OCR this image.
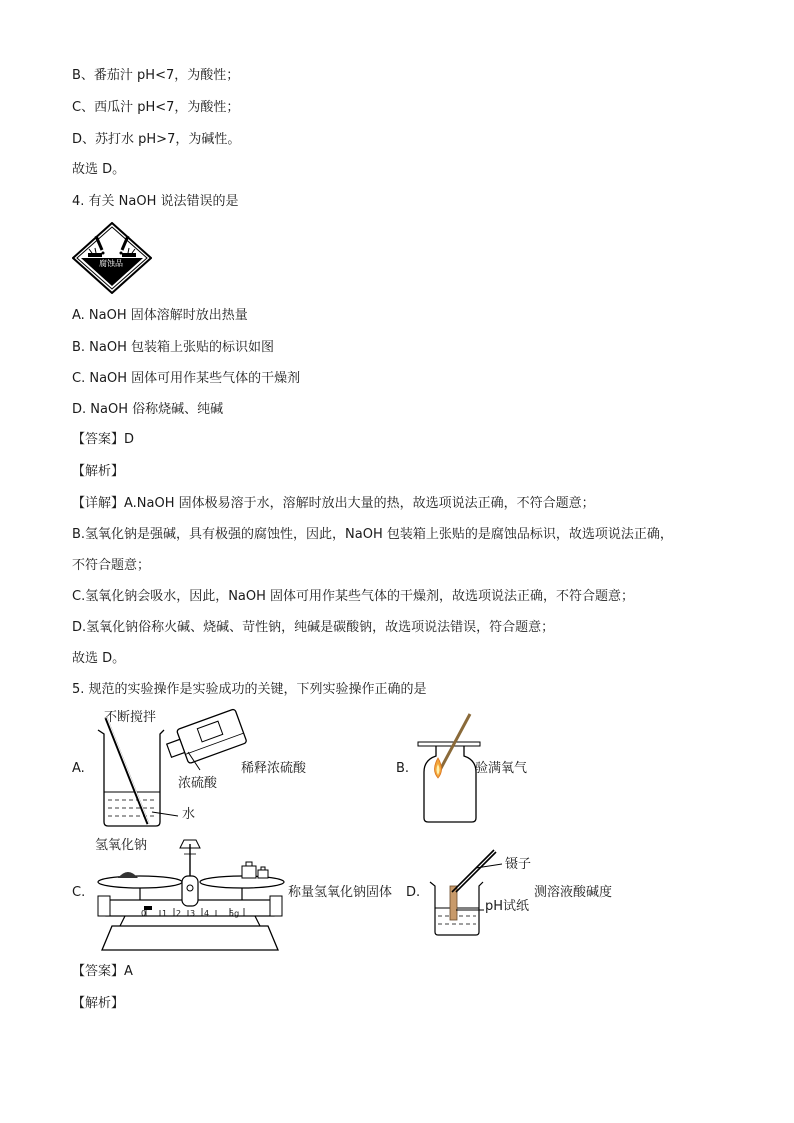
B、番茄汁 pH<7，为酸性；
C、西瓜汁 pH<7，为酸性；
D、苏打水 pH>7，为碱性。
故选 D。
4. 有关 NaOH 说法错误的是
腐蚀品
A. NaOH 固体溶解时放出热量
B. NaOH 包装箱上张贴的标识如图
C. NaOH 固体可用作某些气体的干燥剂
D. NaOH 俗称烧碱、纯碱
【答案】D
【解析】
【详解】A.NaOH 固体极易溶于水，溶解时放出大量的热，故选项说法正确，不符合题意；
B.氢氧化钠是强碱，具有极强的腐蚀性，因此，NaOH 包装箱上张贴的是腐蚀品标识，故选项说法正确，
不符合题意；
C.氢氧化钠会吸水，因此，NaOH 固体可用作某些气体的干燥剂，故选项说法正确，不符合题意；
D.氢氧化钠俗称火碱、烧碱、苛性钠，纯碱是碳酸钠，故选项说法错误，符合题意；
故选 D。
5. 规范的实验操作是实验成功的关键，下列实验操作正确的是
A.
不断搅拌
浓硫酸
水
稀释浓硫酸	B.	验满氧气
C.
氢氧化钠
0 1 2 3 4 5g
称量氢氧化钠固体 D.
镊子
pH试纸
测溶液酸碱度
【答案】A
【解析】
